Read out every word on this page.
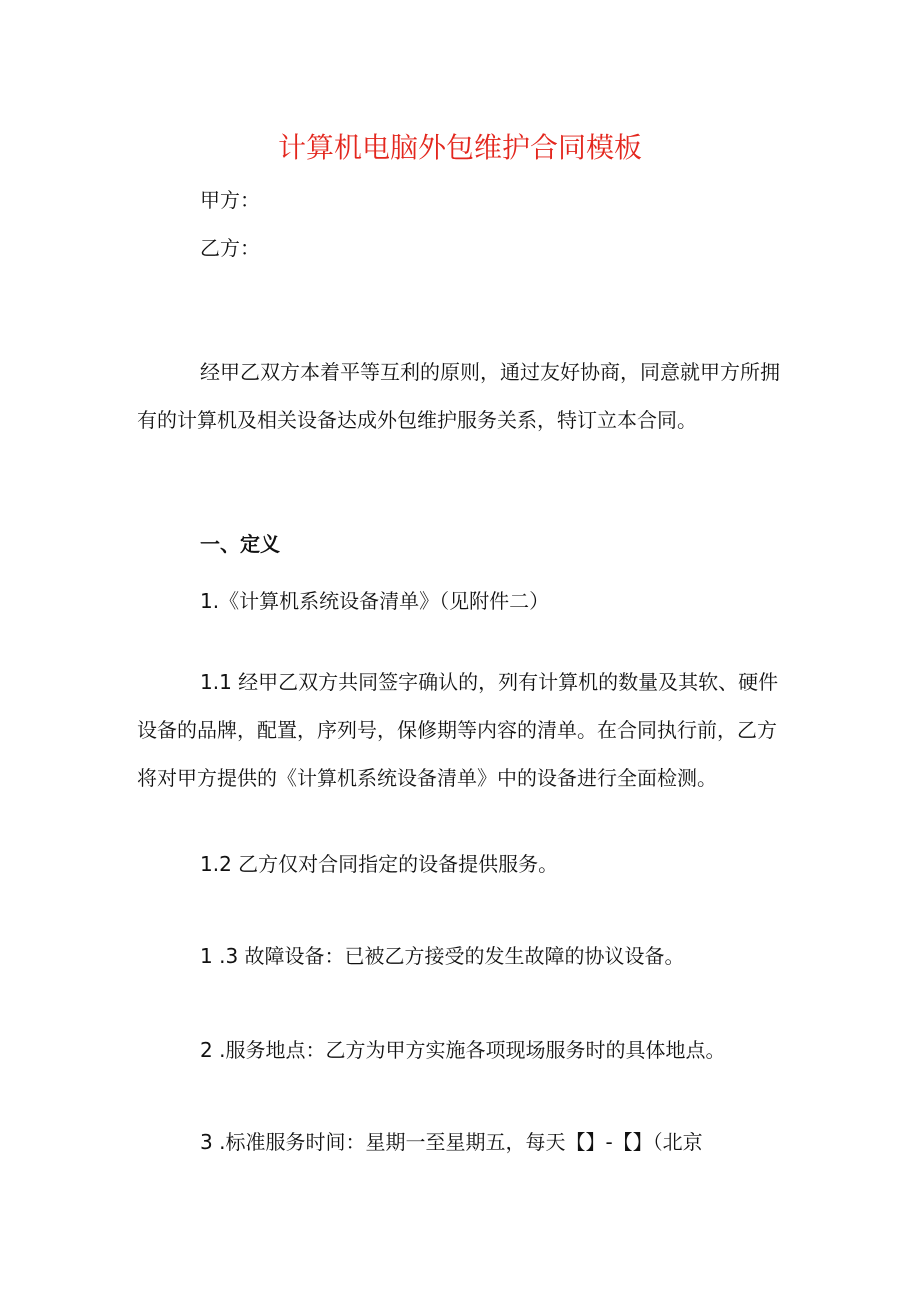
计算机电脑外包维护合同模板
甲方：
乙方：
经甲乙双方本着平等互利的原则，通过友好协商，同意就甲方所拥
有的计算机及相关设备达成外包维护服务关系，特订立本合同。
一、定义
1.《计算机系统设备清单》（见附件二）
1.1 经甲乙双方共同签字确认的，列有计算机的数量及其软、硬件
设备的品牌，配置，序列号，保修期等内容的清单。在合同执行前，乙方
将对甲方提供的《计算机系统设备清单》中的设备进行全面检测。
1.2 乙方仅对合同指定的设备提供服务。
1 .3 故障设备：已被乙方接受的发生故障的协议设备。
2 .服务地点：乙方为甲方实施各项现场服务时的具体地点。
3 .标准服务时间：星期一至星期五，每天【】-【】（北京
